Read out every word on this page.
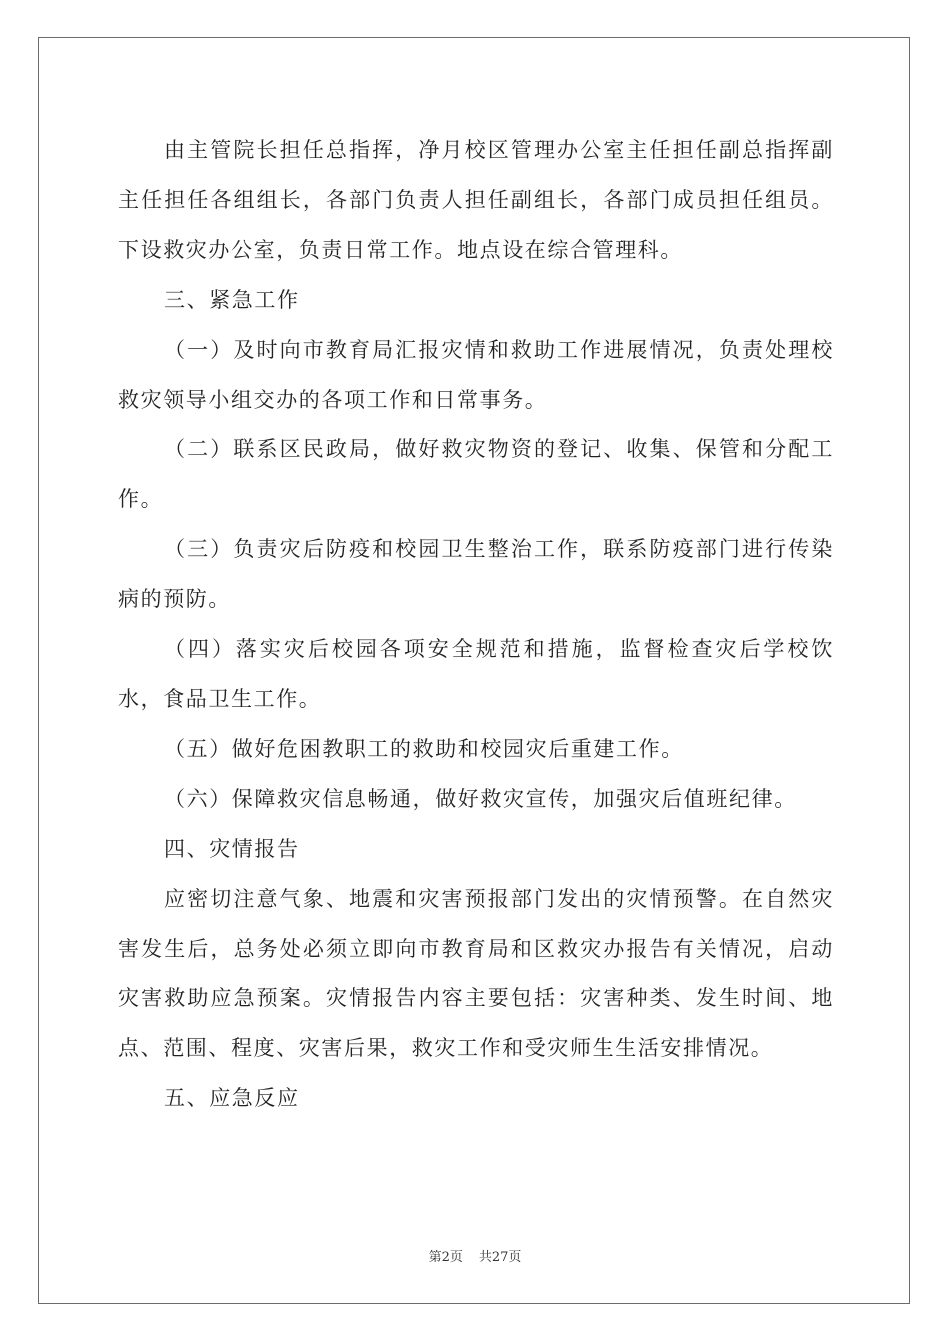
由主管院长担任总指挥，净月校区管理办公室主任担任副总指挥副主任担任各组组长，各部门负责人担任副组长，各部门成员担任组员。下设救灾办公室，负责日常工作。地点设在综合管理科。

三、紧急工作

（一）及时向市教育局汇报灾情和救助工作进展情况，负责处理校救灾领导小组交办的各项工作和日常事务。

（二）联系区民政局，做好救灾物资的登记、收集、保管和分配工作。

（三）负责灾后防疫和校园卫生整治工作，联系防疫部门进行传染病的预防。

（四）落实灾后校园各项安全规范和措施，监督检查灾后学校饮水，食品卫生工作。

（五）做好危困教职工的救助和校园灾后重建工作。

（六）保障救灾信息畅通，做好救灾宣传，加强灾后值班纪律。

四、灾情报告

应密切注意气象、地震和灾害预报部门发出的灾情预警。在自然灾害发生后，总务处必须立即向市教育局和区救灾办报告有关情况，启动灾害救助应急预案。灾情报告内容主要包括：灾害种类、发生时间、地点、范围、程度、灾害后果，救灾工作和受灾师生生活安排情况。

五、应急反应

第2页 共27页
